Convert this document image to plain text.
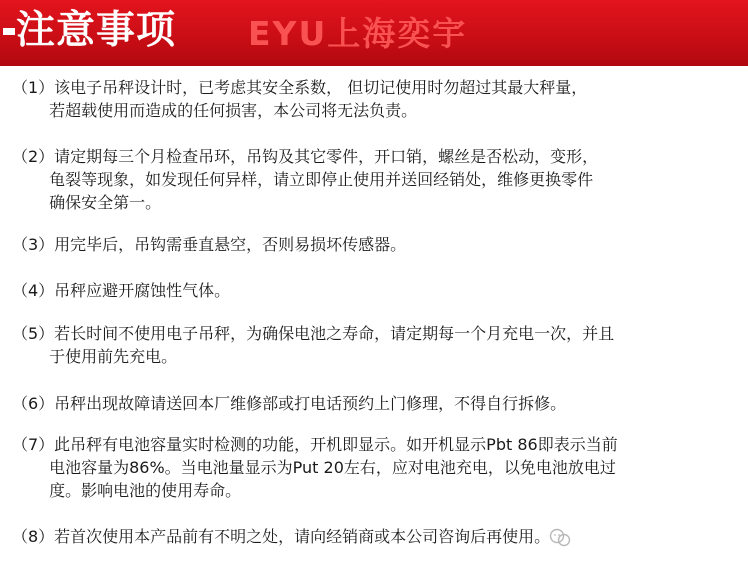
注意事项 EYU上海奕宇
（1）该电子吊秤设计时，已考虑其安全系数， 但切记使用时勿超过其最大秤量，
　　 若超载使用而造成的任何损害，本公司将无法负责。
（2）请定期每三个月检查吊环，吊钩及其它零件，开口销，螺丝是否松动，变形，
　　 龟裂等现象，如发现任何异样，请立即停止使用并送回经销处，维修更换零件
　　 确保安全第一。
（3）用完毕后，吊钩需垂直悬空，否则易损坏传感器。
（4）吊秤应避开腐蚀性气体。
（5）若长时间不使用电子吊秤，为确保电池之寿命，请定期每一个月充电一次，并且
　　 于使用前先充电。
（6）吊秤出现故障请送回本厂维修部或打电话预约上门修理，不得自行拆修。
（7）此吊秤有电池容量实时检测的功能，开机即显示。如开机显示Pbt 86即表示当前
　　 电池容量为86%。当电池量显示为Put 20左右，应对电池充电，以免电池放电过
　　 度。影响电池的使用寿命。
（8）若首次使用本产品前有不明之处，请向经销商或本公司咨询后再使用。
